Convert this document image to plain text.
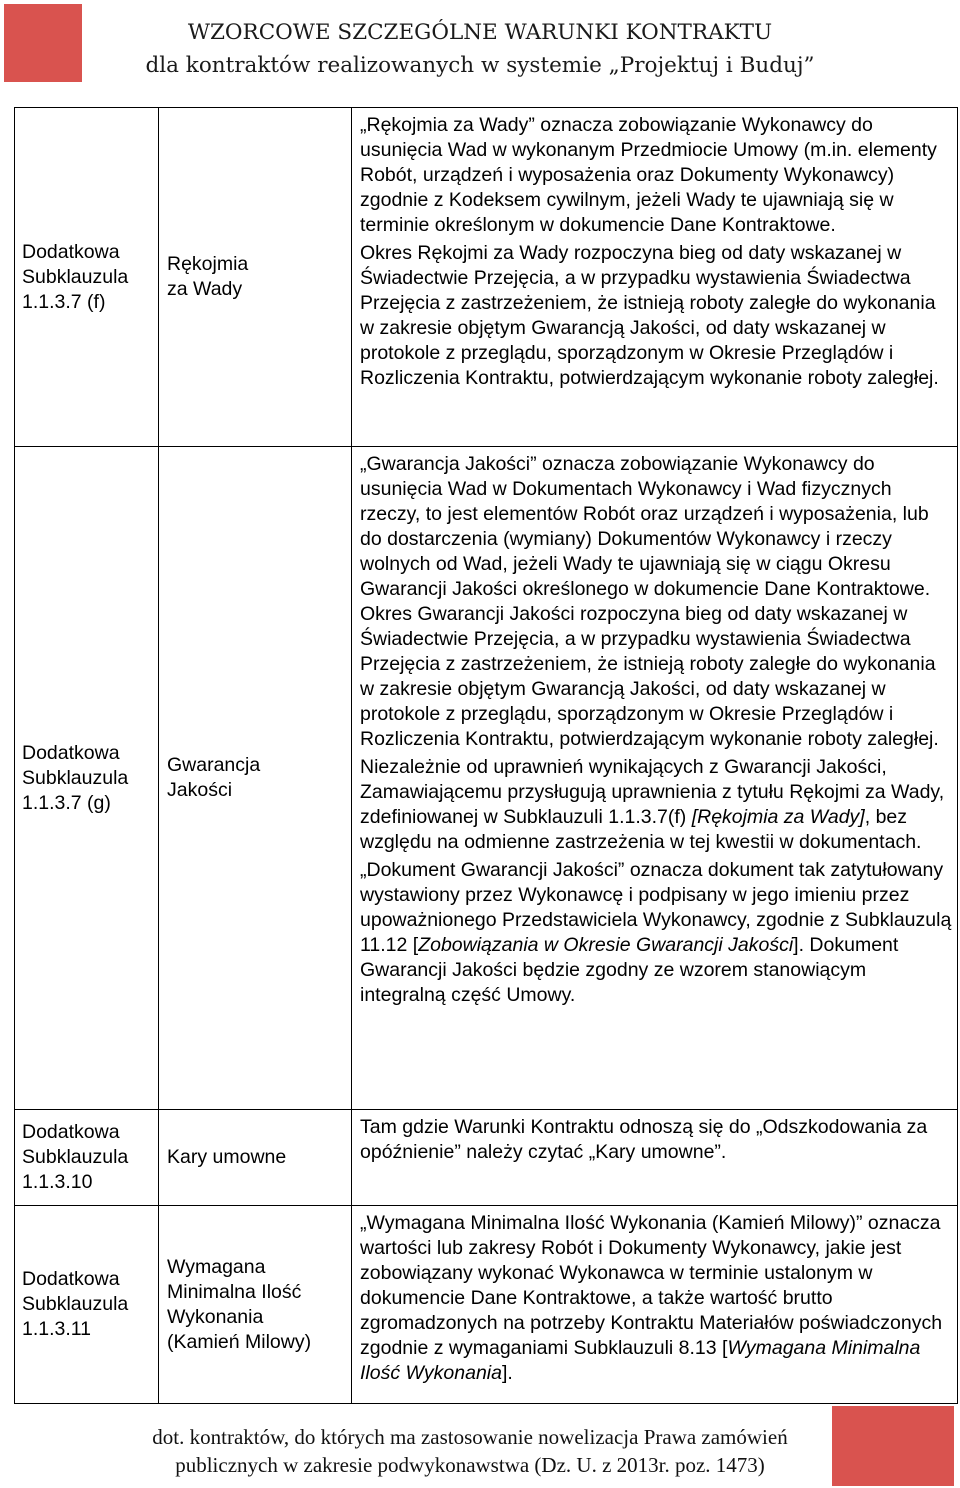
WZORCOWE SZCZEGÓLNE WARUNKI KONTRAKTU
dla kontraktów realizowanych w systemie „Projektuj i Buduj”
Dodatkowa
Subklauzula
1.1.3.7 (f)
Rękojmia
za Wady
„Rękojmia za Wady” oznacza zobowiązanie Wykonawcy do usunięcia Wad w wykonanym Przedmiocie Umowy (m.in. elementy Robót, urządzeń i wyposażenia oraz Dokumenty Wykonawcy) zgodnie z Kodeksem cywilnym, jeżeli Wady te ujawniają się w terminie określonym w dokumencie Dane Kontraktowe.
Okres Rękojmi za Wady rozpoczyna bieg od daty wskazanej w Świadectwie Przejęcia, a w przypadku wystawienia Świadectwa Przejęcia z zastrzeżeniem, że istnieją roboty zaległe do wykonania w zakresie objętym Gwarancją Jakości, od daty wskazanej w protokole z przeglądu, sporządzonym w Okresie Przeglądów i Rozliczenia Kontraktu, potwierdzającym wykonanie roboty zaległej.
Dodatkowa
Subklauzula
1.1.3.7 (g)
Gwarancja
Jakości
„Gwarancja Jakości” oznacza zobowiązanie Wykonawcy do usunięcia Wad w Dokumentach Wykonawcy i Wad fizycznych rzeczy, to jest elementów Robót oraz urządzeń i wyposażenia, lub do dostarczenia (wymiany) Dokumentów Wykonawcy i rzeczy wolnych od Wad, jeżeli Wady te ujawniają się w ciągu Okresu Gwarancji Jakości określonego w dokumencie Dane Kontraktowe. Okres Gwarancji Jakości rozpoczyna bieg od daty wskazanej w Świadectwie Przejęcia, a w przypadku wystawienia Świadectwa Przejęcia z zastrzeżeniem, że istnieją roboty zaległe do wykonania w zakresie objętym Gwarancją Jakości, od daty wskazanej w protokole z przeglądu, sporządzonym w Okresie Przeglądów i Rozliczenia Kontraktu, potwierdzającym wykonanie roboty zaległej.
Niezależnie od uprawnień wynikających z Gwarancji Jakości, Zamawiającemu przysługują uprawnienia z tytułu Rękojmi za Wady, zdefiniowanej w Subklauzuli 1.1.3.7(f) [Rękojmia za Wady], bez względu na odmienne zastrzeżenia w tej kwestii w dokumentach.
„Dokument Gwarancji Jakości” oznacza dokument tak zatytułowany wystawiony przez Wykonawcę i podpisany w jego imieniu przez upoważnionego Przedstawiciela Wykonawcy, zgodnie z Subklauzulą 11.12 [Zobowiązania w Okresie Gwarancji Jakości]. Dokument Gwarancji Jakości będzie zgodny ze wzorem stanowiącym integralną część Umowy.
Dodatkowa
Subklauzula
1.1.3.10
Kary umowne
Tam gdzie Warunki Kontraktu odnoszą się do „Odszkodowania za opóźnienie” należy czytać „Kary umowne”.
Dodatkowa
Subklauzula
1.1.3.11
Wymagana
Minimalna Ilość
Wykonania
(Kamień Milowy)
„Wymagana Minimalna Ilość Wykonania (Kamień Milowy)” oznacza wartości lub zakresy Robót i Dokumenty Wykonawcy, jakie jest zobowiązany wykonać Wykonawca w terminie ustalonym w dokumencie Dane Kontraktowe, a także wartość brutto zgromadzonych na potrzeby Kontraktu Materiałów poświadczonych zgodnie z wymaganiami Subklauzuli 8.13 [Wymagana Minimalna Ilość Wykonania].
dot. kontraktów, do których ma zastosowanie nowelizacja Prawa zamówień
publicznych w zakresie podwykonawstwa (Dz. U. z 2013r. poz. 1473)
